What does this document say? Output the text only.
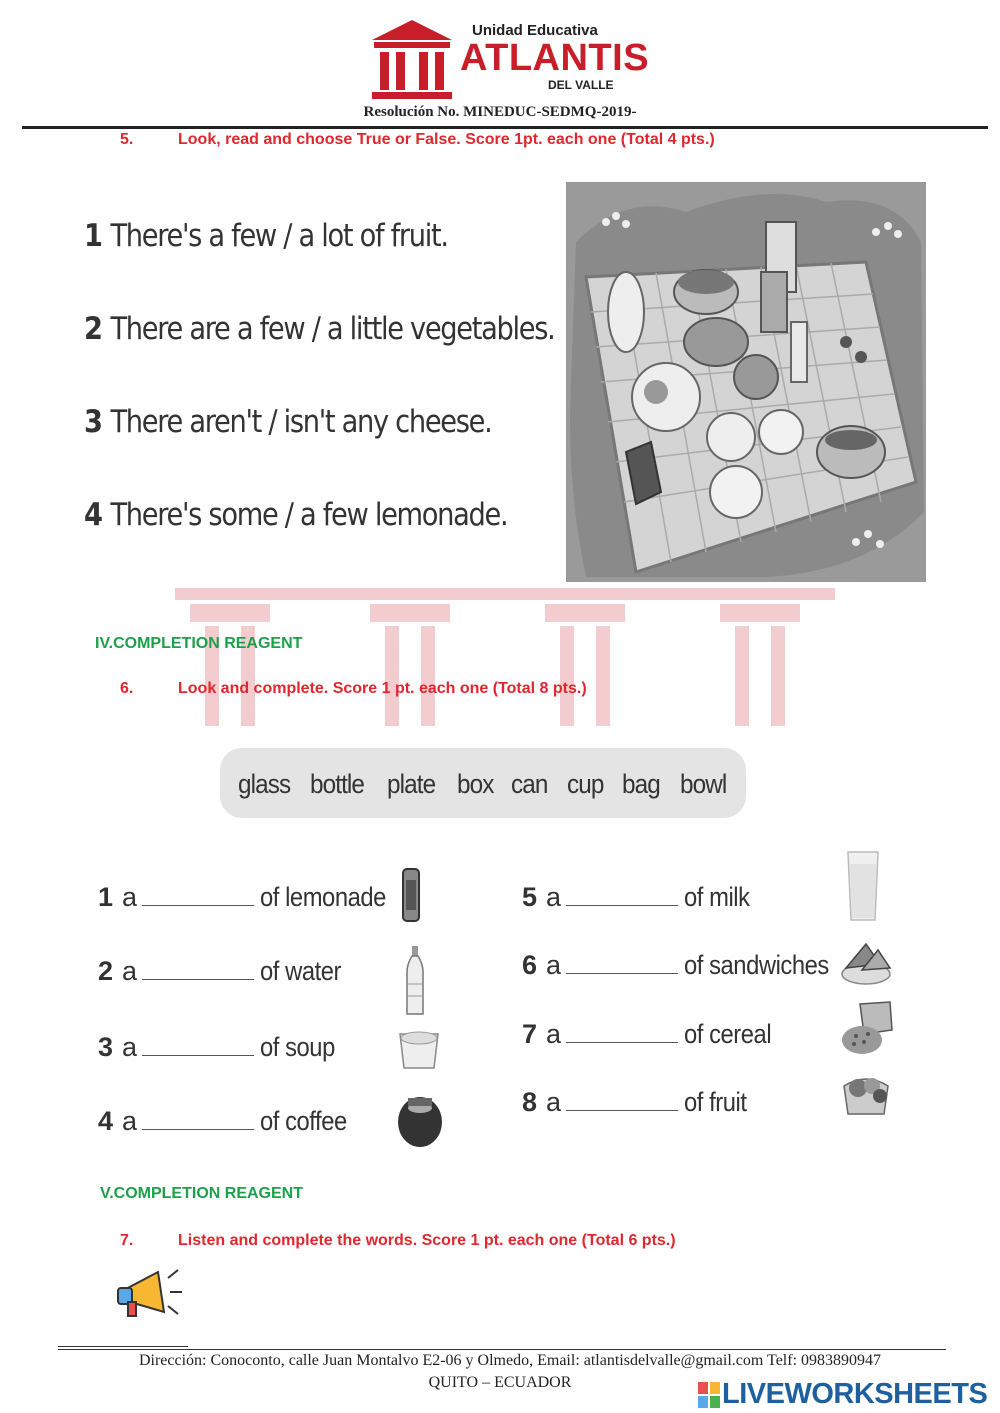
Unidad Educativa
ATLANTIS
DEL VALLE
Resolución No. MINEDUC-SEDMQ-2019-
5.	Look, read and choose True or False. Score 1pt. each one (Total 4 pts.)
1 There's a few / a lot of fruit.
2 There are a few / a little vegetables.
3 There aren't / isn't any cheese.
4 There's some / a few lemonade.
IV.COMPLETION REAGENT
6.	Look and complete. Score 1 pt. each one (Total 8 pts.)
glass bottle plate box can cup bag bowl
1 a	of lemonade
2 a	of water
3 a	of soup
4 a	of coffee
5 a	of milk
6 a	of sandwiches
7 a	of cereal
8 a	of fruit
V.COMPLETION REAGENT
7.	Listen and complete the words. Score 1 pt. each one (Total 6 pts.)
Dirección: Conoconto, calle Juan Montalvo E2-06 y Olmedo, Email: atlantisdelvalle@gmail.com Telf: 0983890947
QUITO – ECUADOR	LIVEWORKSHEETS
